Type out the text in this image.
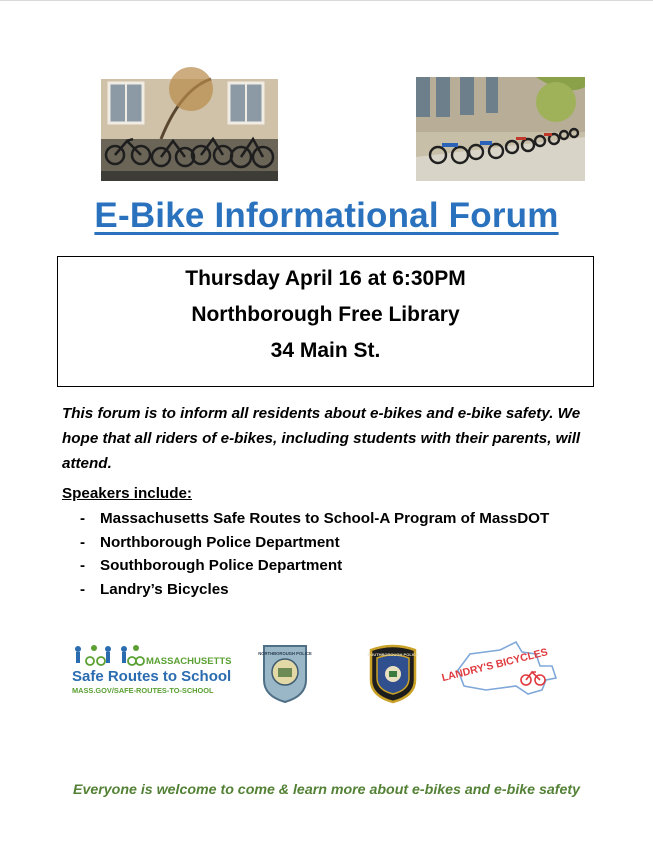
E-Bike Informational Forum
Thursday April 16 at 6:30PM
Northborough Free Library
34 Main St.
This forum is to inform all residents about e-bikes and e-bike safety. We hope that all riders of e-bikes, including students with their parents, will attend.
Speakers include:
- Massachusetts Safe Routes to School-A Program of MassDOT
- Northborough Police Department
- Southborough Police Department
- Landry’s Bicycles
MASSACHUSETTS
Safe Routes to School
MASS.GOV/SAFE-ROUTES-TO-SCHOOL
NORTHBOROUGH POLICE	SOUTHBOROUGH POLICE LANDRY'S BICYCLES
Everyone is welcome to come & learn more about e-bikes and e-bike safety
